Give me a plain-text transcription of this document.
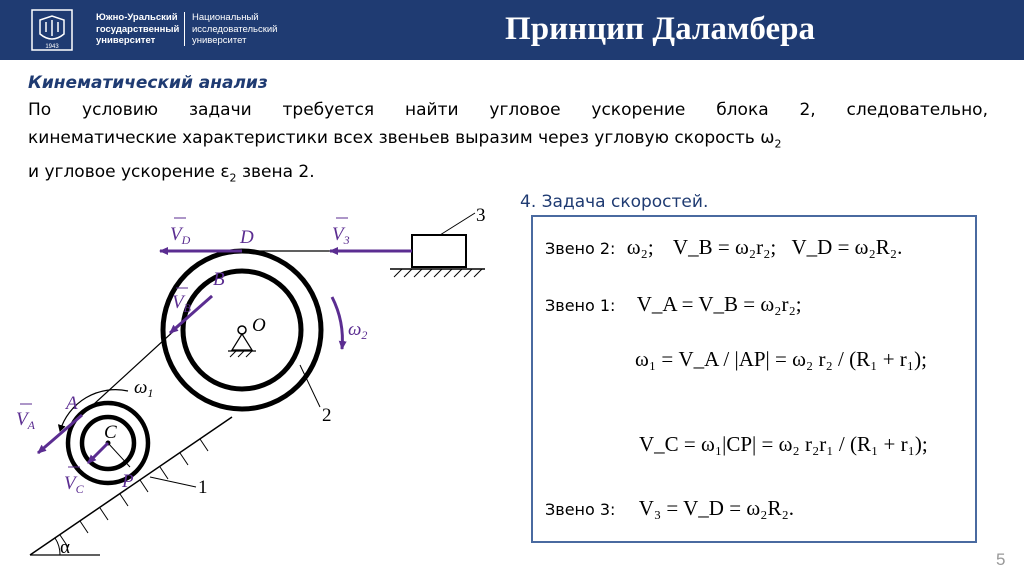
1943
Южно-Уральский
государственный
университет
Национальный
исследовательский
университет	Принцип Даламбера
Кинематический анализ
По условию задачи требуется найти угловое ускорение блока 2, следовательно,
кинематические характеристики всех звеньев выразим через угловую скорость $\omega_2$
и угловое ускорение $\varepsilon_2$ звена 2.
4. Задача скоростей.
$V_D$	D	$V_3$
B
$V_B$
$\omega_2$
A
$V_A$
$V_C$ P
O
C
$\omega_1$
3
2
1
α
Звено 2: ω₂; V_B = ω₂r₂; V_D = ω₂R₂.
Звено 1: V_A = V_B = ω₂r₂;
ω₁ = V_A / |AP| = ω₂ r₂ / (R₁ + r₁);
V_C = ω₁|CP| = ω₂ r₂r₁ / (R₁ + r₁);
Звено 3: V₃ = V_D = ω₂R₂.
5
